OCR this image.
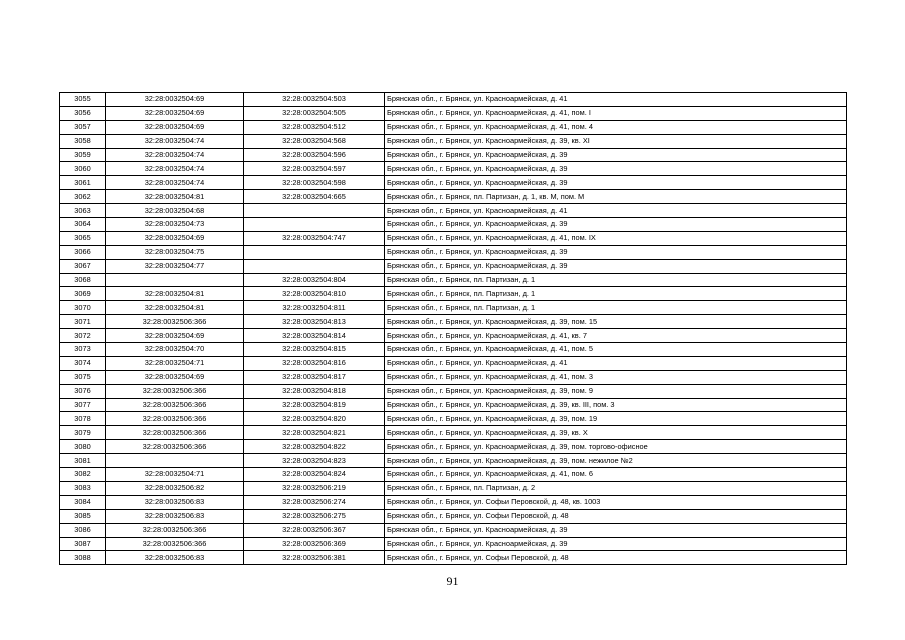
3055	32:28:0032504:69	32:28:0032504:503	Брянская обл., г. Брянск, ул. Красноармейская, д. 41
3056	32:28:0032504:69	32:28:0032504:505	Брянская обл., г. Брянск, ул. Красноармейская, д. 41, пом. I
3057	32:28:0032504:69	32:28:0032504:512	Брянская обл., г. Брянск, ул. Красноармейская, д. 41, пом. 4
3058	32:28:0032504:74	32:28:0032504:568	Брянская обл., г. Брянск, ул. Красноармейская, д. 39, кв. XI
3059	32:28:0032504:74	32:28:0032504:596	Брянская обл., г. Брянск, ул. Красноармейская, д. 39
3060	32:28:0032504:74	32:28:0032504:597	Брянская обл., г. Брянск, ул. Красноармейская, д. 39
3061	32:28:0032504:74	32:28:0032504:598	Брянская обл., г. Брянск, ул. Красноармейская, д. 39
3062	32:28:0032504:81	32:28:0032504:665	Брянская обл., г. Брянск, пл. Партизан, д. 1, кв. М, пом. М
3063	32:28:0032504:68		Брянская обл., г. Брянск, ул. Красноармейская, д. 41
3064	32:28:0032504:73		Брянская обл., г. Брянск, ул. Красноармейская, д. 39
3065	32:28:0032504:69	32:28:0032504:747	Брянская обл., г. Брянск, ул. Красноармейская, д. 41, пом. IX
3066	32:28:0032504:75		Брянская обл., г. Брянск, ул. Красноармейская, д. 39
3067	32:28:0032504:77		Брянская обл., г. Брянск, ул. Красноармейская, д. 39
3068		32:28:0032504:804	Брянская обл., г. Брянск, пл. Партизан, д. 1
3069	32:28:0032504:81	32:28:0032504:810	Брянская обл., г. Брянск, пл. Партизан, д. 1
3070	32:28:0032504:81	32:28:0032504:811	Брянская обл., г. Брянск, пл. Партизан, д. 1
3071	32:28:0032506:366	32:28:0032504:813	Брянская обл., г. Брянск, ул. Красноармейская, д. 39, пом. 15
3072	32:28:0032504:69	32:28:0032504:814	Брянская обл., г. Брянск, ул. Красноармейская, д. 41, кв. 7
3073	32:28:0032504:70	32:28:0032504:815	Брянская обл., г. Брянск, ул. Красноармейская, д. 41, пом. 5
3074	32:28:0032504:71	32:28:0032504:816	Брянская обл., г. Брянск, ул. Красноармейская, д. 41
3075	32:28:0032504:69	32:28:0032504:817	Брянская обл., г. Брянск, ул. Красноармейская, д. 41, пом. 3
3076	32:28:0032506:366	32:28:0032504:818	Брянская обл., г. Брянск, ул. Красноармейская, д. 39, пом. 9
3077	32:28:0032506:366	32:28:0032504:819	Брянская обл., г. Брянск, ул. Красноармейская, д. 39, кв. III, пом. 3
3078	32:28:0032506:366	32:28:0032504:820	Брянская обл., г. Брянск, ул. Красноармейская, д. 39, пом. 19
3079	32:28:0032506:366	32:28:0032504:821	Брянская обл., г. Брянск, ул. Красноармейская, д. 39, кв. X
3080	32:28:0032506:366	32:28:0032504:822	Брянская обл., г. Брянск, ул. Красноармейская, д. 39, пом. торгово-офисное
3081		32:28:0032504:823	Брянская обл., г. Брянск, ул. Красноармейская, д. 39, пом. нежилое №2
3082	32:28:0032504:71	32:28:0032504:824	Брянская обл., г. Брянск, ул. Красноармейская, д. 41, пом. 6
3083	32:28:0032506:82	32:28:0032506:219	Брянская обл., г. Брянск, пл. Партизан, д. 2
3084	32:28:0032506:83	32:28:0032506:274	Брянская обл., г. Брянск, ул. Софьи Перовской, д. 48, кв. 1003
3085	32:28:0032506:83	32:28:0032506:275	Брянская обл., г. Брянск, ул. Софьи Перовской, д. 48
3086	32:28:0032506:366	32:28:0032506:367	Брянская обл., г. Брянск, ул. Красноармейская, д. 39
3087	32:28:0032506:366	32:28:0032506:369	Брянская обл., г. Брянск, ул. Красноармейская, д. 39
3088	32:28:0032506:83	32:28:0032506:381	Брянская обл., г. Брянск, ул. Софьи Перовской, д. 48
91
